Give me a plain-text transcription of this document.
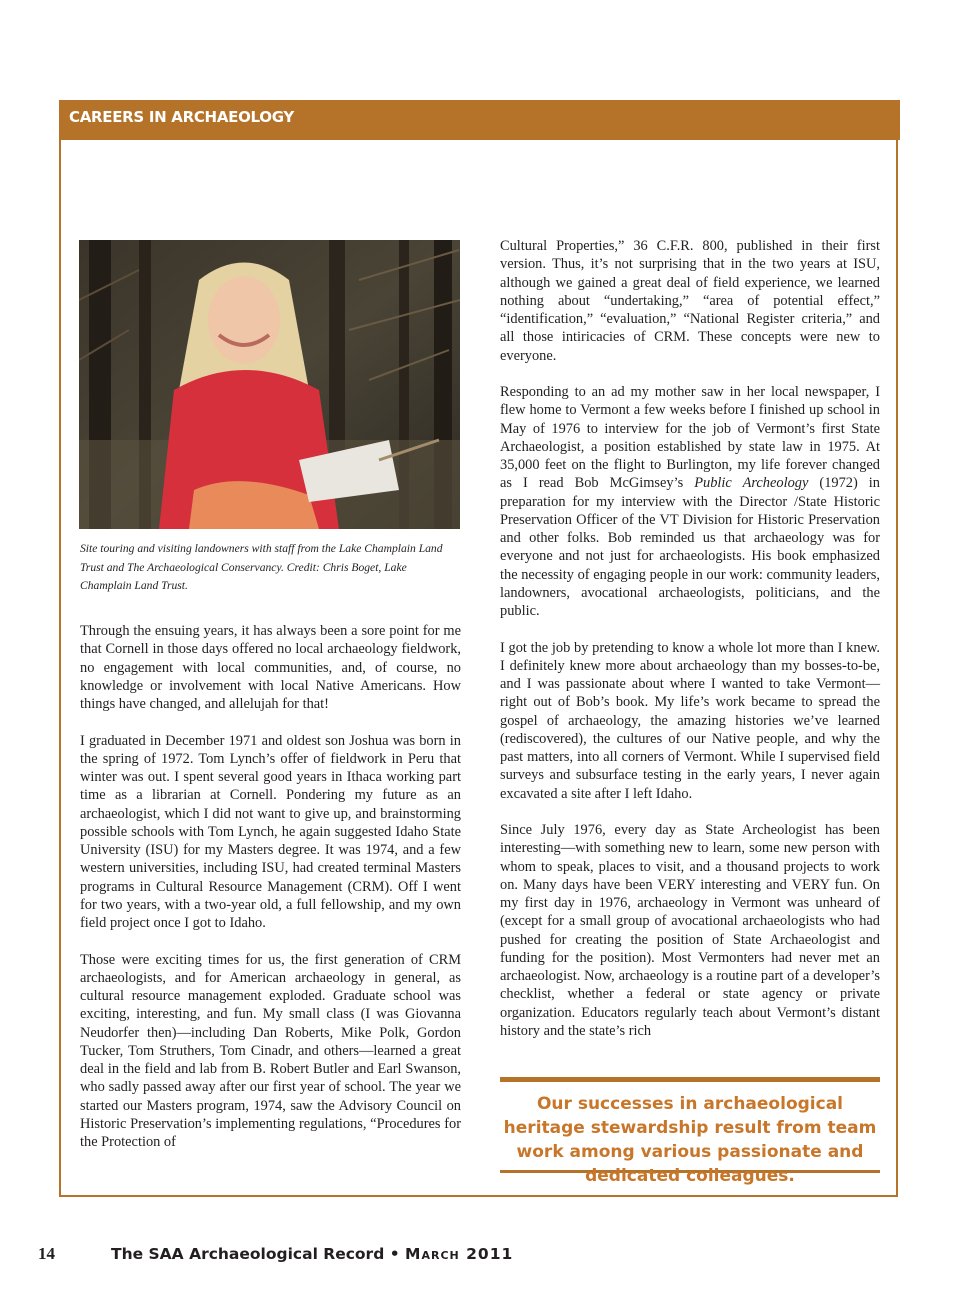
CAREERS IN ARCHAEOLOGY
Site touring and visiting landowners with staff from the Lake Champlain Land Trust and The Archaeological Conservancy. Credit: Chris Boget, Lake Champlain Land Trust.

Through the ensuing years, it has always been a sore point for me that Cornell in those days offered no local archaeology fieldwork, no engagement with local communities, and, of course, no knowledge or involvement with local Native Americans. How things have changed, and allelujah for that!

I graduated in December 1971 and oldest son Joshua was born in the spring of 1972. Tom Lynch’s offer of fieldwork in Peru that winter was out. I spent several good years in Ithaca working part time as a librarian at Cornell. Pondering my future as an archaeologist, which I did not want to give up, and brainstorming possible schools with Tom Lynch, he again suggested Idaho State University (ISU) for my Masters degree. It was 1974, and a few western universities, including ISU, had created terminal Masters programs in Cultural Resource Management (CRM). Off I went for two years, with a two-year old, a full fellowship, and my own field project once I got to Idaho.

Those were exciting times for us, the first generation of CRM archaeologists, and for American archaeology in general, as cultural resource management exploded. Graduate school was exciting, interesting, and fun. My small class (I was Giovanna Neudorfer then)—including Dan Roberts, Mike Polk, Gordon Tucker, Tom Struthers, Tom Cinadr, and others—learned a great deal in the field and lab from B. Robert Butler and Earl Swanson, who sadly passed away after our first year of school. The year we started our Masters program, 1974, saw the Advisory Council on Historic Preservation’s implementing regulations, “Procedures for the Protection of

Cultural Properties,” 36 C.F.R. 800, published in their first version. Thus, it’s not surprising that in the two years at ISU, although we gained a great deal of field experience, we learned nothing about “undertaking,” “area of potential effect,” “identification,” “evaluation,” “National Register criteria,” and all those intiricacies of CRM. These concepts were new to everyone.

Responding to an ad my mother saw in her local newspaper, I flew home to Vermont a few weeks before I finished up school in May of 1976 to interview for the job of Vermont’s first State Archaeologist, a position established by state law in 1975. At 35,000 feet on the flight to Burlington, my life forever changed as I read Bob McGimsey’s Public Archeology (1972) in preparation for my interview with the Director /State Historic Preservation Officer of the VT Division for Historic Preservation and other folks. Bob reminded us that archaeology was for everyone and not just for archaeologists. His book emphasized the necessity of engaging people in our work: community leaders, landowners, avocational archaeologists, politicians, and the public.

I got the job by pretending to know a whole lot more than I knew. I definitely knew more about archaeology than my bosses-to-be, and I was passionate about where I wanted to take Vermont—right out of Bob’s book. My life’s work became to spread the gospel of archaeology, the amazing histories we’ve learned (rediscovered), the cultures of our Native people, and why the past matters, into all corners of Vermont. While I supervised field surveys and subsurface testing in the early years, I never again excavated a site after I left Idaho.

Since July 1976, every day as State Archeologist has been interesting—with something new to learn, some new person with whom to speak, places to visit, and a thousand projects to work on. Many days have been VERY interesting and VERY fun. On my first day in 1976, archaeology in Vermont was unheard of (except for a small group of avocational archaeologists who had pushed for creating the position of State Archaeologist and funding for the position). Most Vermonters had never met an archaeologist. Now, archaeology is a routine part of a developer’s checklist, whether a federal or state agency or private organization. Educators regularly teach about Vermont’s distant history and the state’s rich

Our successes in archaeological heritage stewardship result from team work among various passionate and dedicated colleagues.
14	The SAA Archaeological Record • March 2011
